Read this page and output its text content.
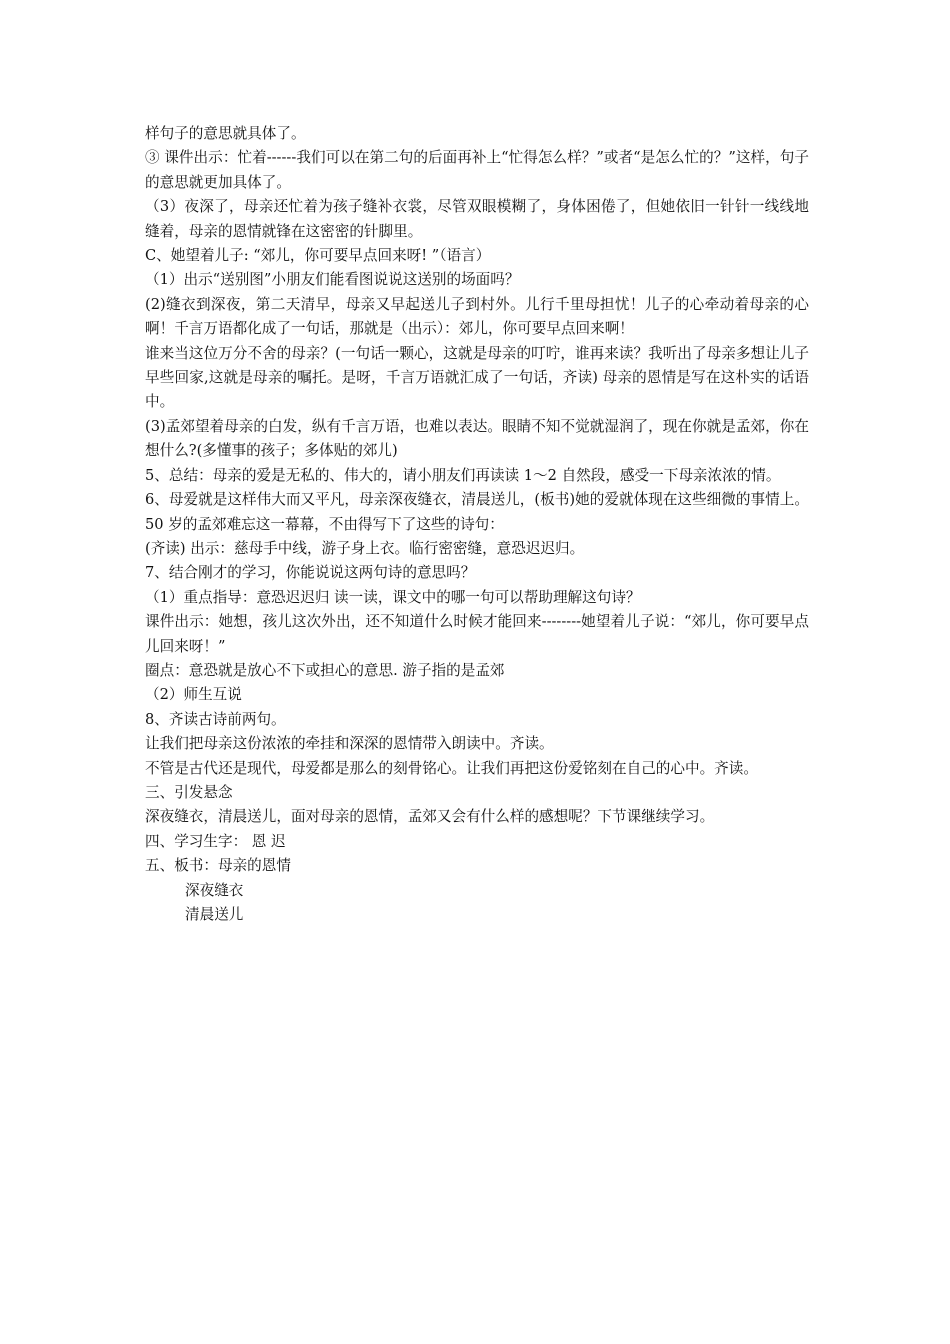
样句子的意思就具体了。

③ 课件出示：忙着------我们可以在第二句的后面再补上“忙得怎么样？”或者“是怎么忙的？”这样，句子的意思就更加具体了。

（3）夜深了，母亲还忙着为孩子缝补衣裳，尽管双眼模糊了，身体困倦了，但她依旧一针针一线线地缝着，母亲的恩情就锋在这密密的针脚里。

C、她望着儿子: “郊儿，你可要早点回来呀! ”（语言）

（1）出示“送别图”小朋友们能看图说说这送别的场面吗？

(2)缝衣到深夜，第二天清早，母亲又早起送儿子到村外。儿行千里母担忧！儿子的心牵动着母亲的心啊！千言万语都化成了一句话，那就是（出示）：郊儿，你可要早点回来啊！

谁来当这位万分不舍的母亲？(一句话一颗心，这就是母亲的叮咛，谁再来读？我听出了母亲多想让儿子早些回家,这就是母亲的嘱托。是呀，千言万语就汇成了一句话，齐读) 母亲的恩情是写在这朴实的话语中。

(3)孟郊望着母亲的白发，纵有千言万语，也难以表达。眼睛不知不觉就湿润了，现在你就是孟郊，你在想什么?(多懂事的孩子；多体贴的郊儿)

5、总结：母亲的爱是无私的、伟大的，请小朋友们再读读 1～2 自然段，感受一下母亲浓浓的情。

6、母爱就是这样伟大而又平凡，母亲深夜缝衣，清晨送儿，(板书)她的爱就体现在这些细微的事情上。50 岁的孟郊难忘这一幕幕，不由得写下了这些的诗句：

(齐读) 出示：慈母手中线，游子身上衣。临行密密缝，意恐迟迟归。

7、结合刚才的学习，你能说说这两句诗的意思吗？

（1）重点指导：意恐迟迟归 读一读，课文中的哪一句可以帮助理解这句诗？

课件出示：她想，孩儿这次外出，还不知道什么时候才能回来--------她望着儿子说：“郊儿，你可要早点儿回来呀！”

圈点：意恐就是放心不下或担心的意思. 游子指的是孟郊

（2）师生互说

8、齐读古诗前两句。

让我们把母亲这份浓浓的牵挂和深深的恩情带入朗读中。齐读。

不管是古代还是现代，母爱都是那么的刻骨铭心。让我们再把这份爱铭刻在自己的心中。齐读。

三、引发悬念

深夜缝衣，清晨送儿，面对母亲的恩情，孟郊又会有什么样的感想呢？下节课继续学习。

四、学习生字： 恩 迟

五、板书：母亲的恩情

深夜缝衣

清晨送儿
